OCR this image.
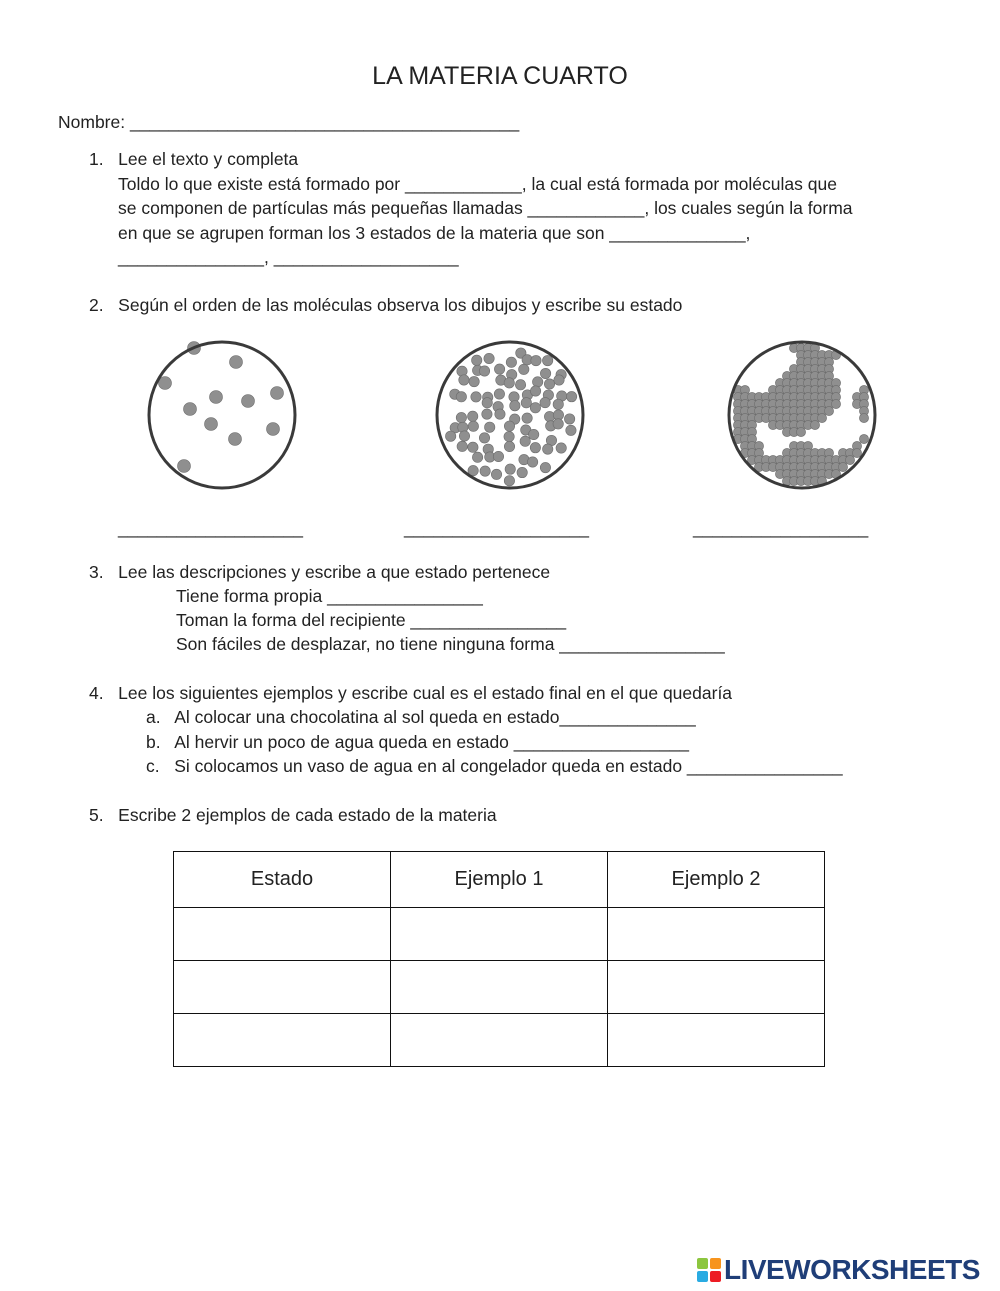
LA MATERIA CUARTO
Nombre: ________________________________________
1.   Lee el texto y completa
Toldo lo que existe está formado por ____________, la cual está formada por moléculas que
se componen de partículas más pequeñas llamadas ____________, los cuales según la forma
en que se agrupen forman los 3 estados de la materia que son ______________,
_______________, ___________________
2.   Según el orden de las moléculas observa los dibujos y escribe su estado
___________________	___________________	__________________
3.   Lee las descripciones y escribe a que estado pertenece
Tiene forma propia ________________
Toman la forma del recipiente ________________
Son fáciles de desplazar, no tiene ninguna forma _________________
4.   Lee los siguientes ejemplos y escribe cual es el estado final en el que quedaría
a.   Al colocar una chocolatina al sol queda en estado______________
b.   Al hervir un poco de agua queda en estado __________________
c.   Si colocamos un vaso de agua en al congelador queda en estado ________________
5.   Escribe 2 ejemplos de cada estado de la materia
Estado	Ejemplo 1	Ejemplo 2

LIVEWORKSHEETS
